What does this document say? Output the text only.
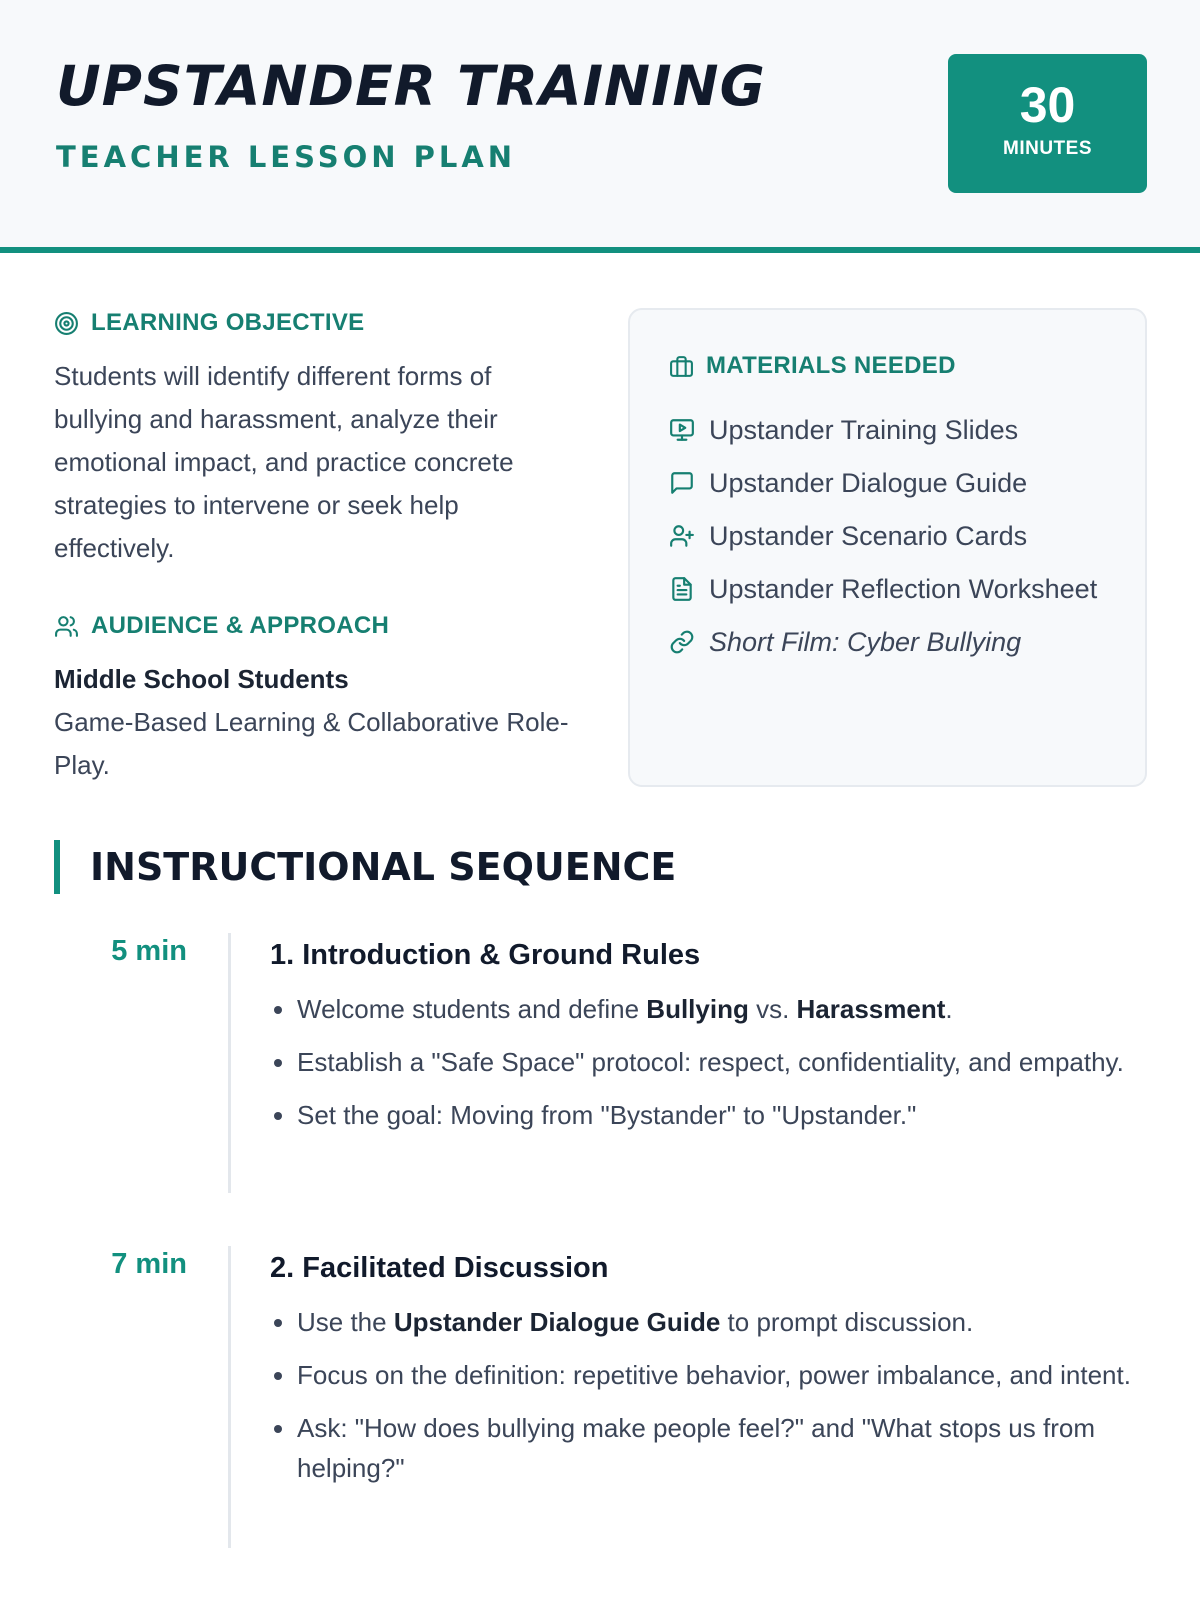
UPSTANDER TRAINING
TEACHER LESSON PLAN
30
MINUTES
LEARNING OBJECTIVE

Students will identify different forms of bullying and harassment, analyze their emotional impact, and practice concrete strategies to intervene or seek help effectively.

AUDIENCE & APPROACH

Middle School Students

Game-Based Learning & Collaborative Role-Play.

MATERIALS NEEDED
Upstander Training Slides
Upstander Dialogue Guide
Upstander Scenario Cards
Upstander Reflection Worksheet
Short Film: Cyber Bullying
INSTRUCTIONAL SEQUENCE
5 min	1. Introduction & Ground Rules
• Welcome students and define Bullying vs. Harassment.
• Establish a "Safe Space" protocol: respect, confidentiality, and empathy.
• Set the goal: Moving from "Bystander" to "Upstander."
7 min	2. Facilitated Discussion
• Use the Upstander Dialogue Guide to prompt discussion.
• Focus on the definition: repetitive behavior, power imbalance, and intent.
• Ask: "How does bullying make people feel?" and "What stops us from helping?"
